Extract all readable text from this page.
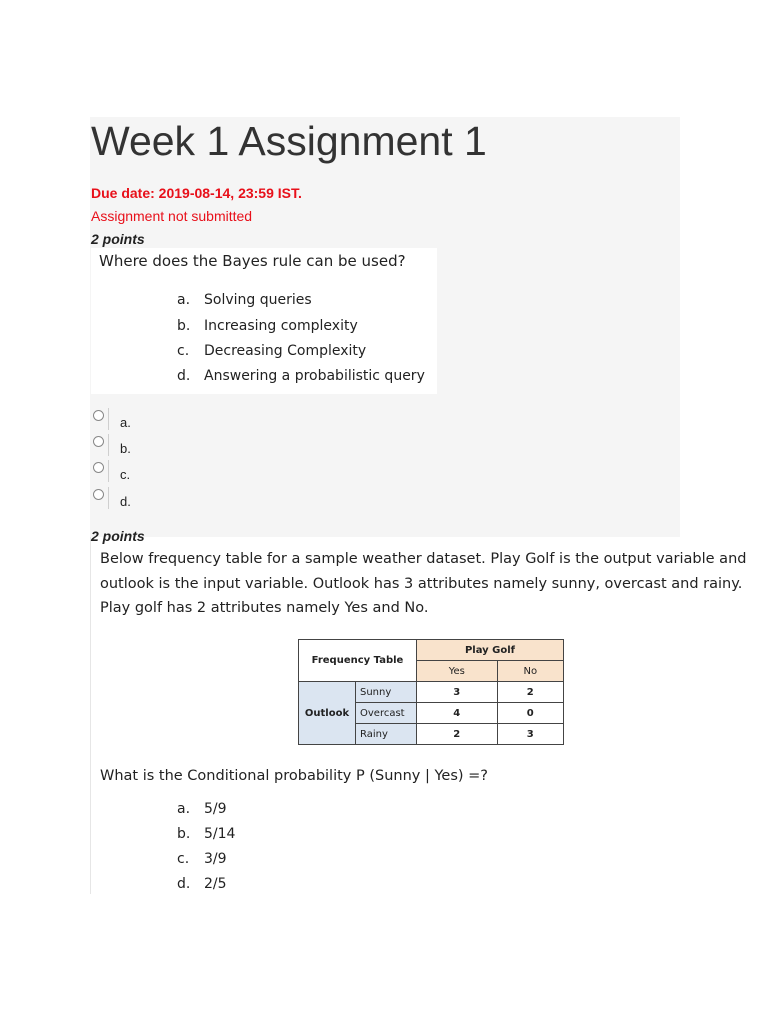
Week 1 Assignment 1
Due date: 2019-08-14, 23:59 IST.
Assignment not submitted
2 points
Where does the Bayes rule can be used?
a. Solving queries
b. Increasing complexity
c. Decreasing Complexity
d. Answering a probabilistic query
a.
b.
c.
d.
2 points
Below frequency table for a sample weather dataset. Play Golf is the output variable and outlook is the input variable. Outlook has 3 attributes namely sunny, overcast and rainy. Play golf has 2 attributes namely Yes and No.
Frequency Table		Play Golf	
		Yes	No
Outlook	Sunny	3	2
	Overcast	4	0
	Rainy	2	3
What is the Conditional probability P (Sunny | Yes) =?
a. 5/9
b. 5/14
c. 3/9
d. 2/5
